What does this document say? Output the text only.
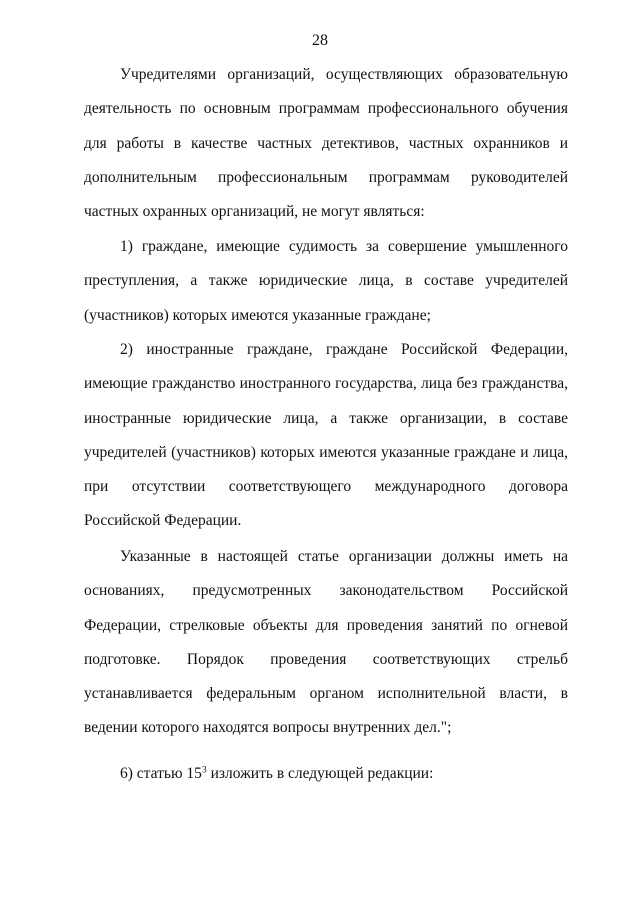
28

Учредителями организаций, осуществляющих образовательную деятельность по основным программам профессионального обучения для работы в качестве частных детективов, частных охранников и дополнительным профессиональным программам руководителей частных охранных организаций, не могут являться:

1) граждане, имеющие судимость за совершение умышленного преступления, а также юридические лица, в составе учредителей (участников) которых имеются указанные граждане;

2) иностранные граждане, граждане Российской Федерации, имеющие гражданство иностранного государства, лица без гражданства, иностранные юридические лица, а также организации, в составе учредителей (участников) которых имеются указанные граждане и лица, при отсутствии соответствующего международного договора Российской Федерации.

Указанные в настоящей статье организации должны иметь на основаниях, предусмотренных законодательством Российской Федерации, стрелковые объекты для проведения занятий по огневой подготовке. Порядок проведения соответствующих стрельб устанавливается федеральным органом исполнительной власти, в ведении которого находятся вопросы внутренних дел.";

6) статью $15^3$ изложить в следующей редакции:
